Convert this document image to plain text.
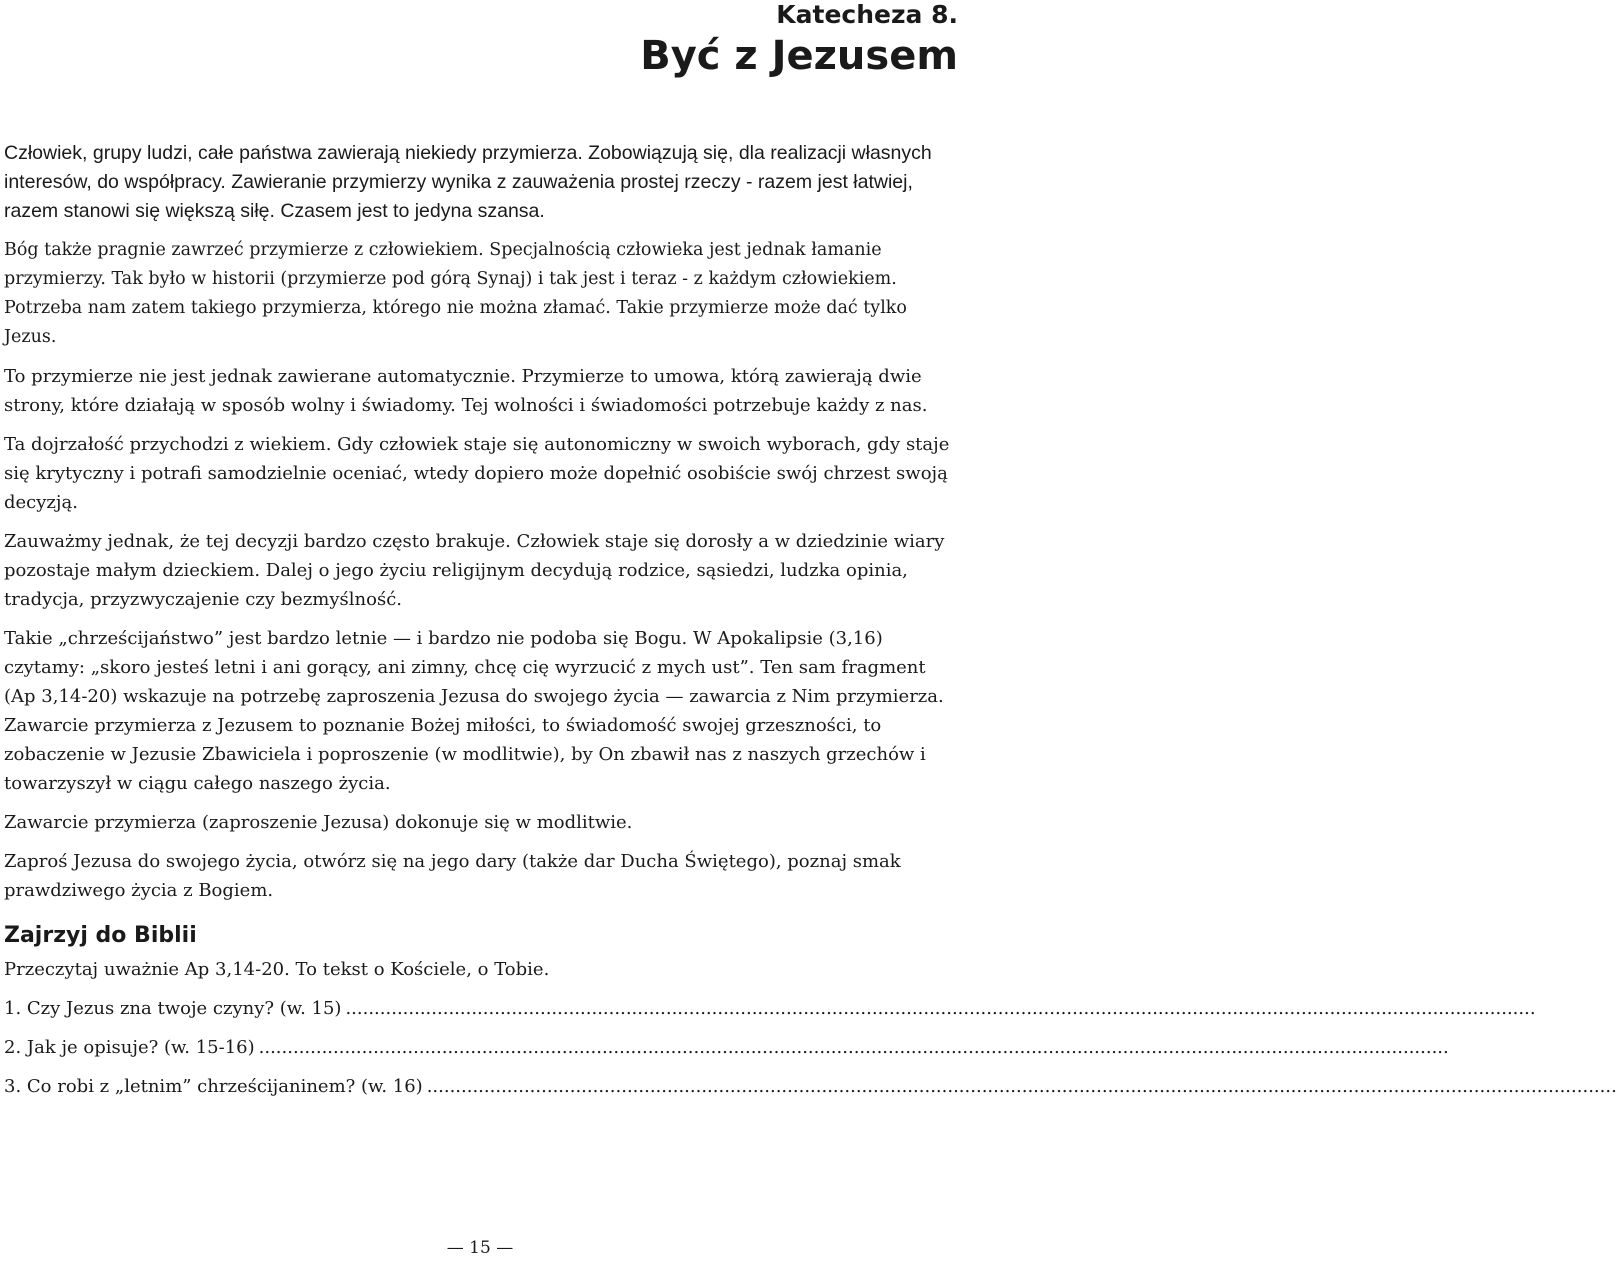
Katecheza 8.
Być z Jezusem

Człowiek, grupy ludzi, całe państwa zawierają niekiedy przymierza. Zobowiązują się, dla realizacji własnych interesów, do współpracy. Zawieranie przymierzy wynika z zauważenia prostej rzeczy - razem jest łatwiej, razem stanowi się większą siłę. Czasem jest to jedyna szansa.

Bóg także pragnie zawrzeć przymierze z człowiekiem. Specjalnością człowieka jest jednak łamanie przymierzy. Tak było w historii (przymierze pod górą Synaj) i tak jest i teraz - z każdym człowiekiem. Potrzeba nam zatem takiego przymierza, którego nie można złamać. Takie przymierze może dać tylko Jezus.

To przymierze nie jest jednak zawierane automatycznie. Przymierze to umowa, którą zawierają dwie strony, które działają w sposób wolny i świadomy. Tej wolności i świadomości potrzebuje każdy z nas.

Ta dojrzałość przychodzi z wiekiem. Gdy człowiek staje się autonomiczny w swoich wyborach, gdy staje się krytyczny i potrafi samodzielnie oceniać, wtedy dopiero może dopełnić osobiście swój chrzest swoją decyzją.

Zauważmy jednak, że tej decyzji bardzo często brakuje. Człowiek staje się dorosły a w dziedzinie wiary pozostaje małym dzieckiem. Dalej o jego życiu religijnym decydują rodzice, sąsiedzi, ludzka opinia, tradycja, przyzwyczajenie czy bezmyślność.

Takie „chrześcijaństwo” jest bardzo letnie — i bardzo nie podoba się Bogu. W Apokalipsie (3,16) czytamy: „skoro jesteś letni i ani gorący, ani zimny, chcę cię wyrzucić z mych ust”. Ten sam fragment (Ap 3,14-20) wskazuje na potrzebę zaproszenia Jezusa do swojego życia — zawarcia z Nim przymierza. Zawarcie przymierza z Jezusem to poznanie Bożej miłości, to świadomość swojej grzeszności, to zobaczenie w Jezusie Zbawiciela i poproszenie (w modlitwie), by On zbawił nas z naszych grzechów i towarzyszył w ciągu całego naszego życia.

Zawarcie przymierza (zaproszenie Jezusa) dokonuje się w modlitwie.

Zaproś Jezusa do swojego życia, otwórz się na jego dary (także dar Ducha Świętego), poznaj smak prawdziwego życia z Bogiem.

Zajrzyj do Biblii

Przeczytaj uważnie Ap 3,14-20. To tekst o Kościele, o Tobie.

1. Czy Jezus zna twoje czyny? (w. 15) ................................................................................................................................................................................................................
2. Jak je opisuje? (w. 15-16) ................................................................................................................................................................................................................
3. Co robi z „letnim” chrześcijaninem? (w. 16) ................................................................................................................................................................................................................
— 15 —
